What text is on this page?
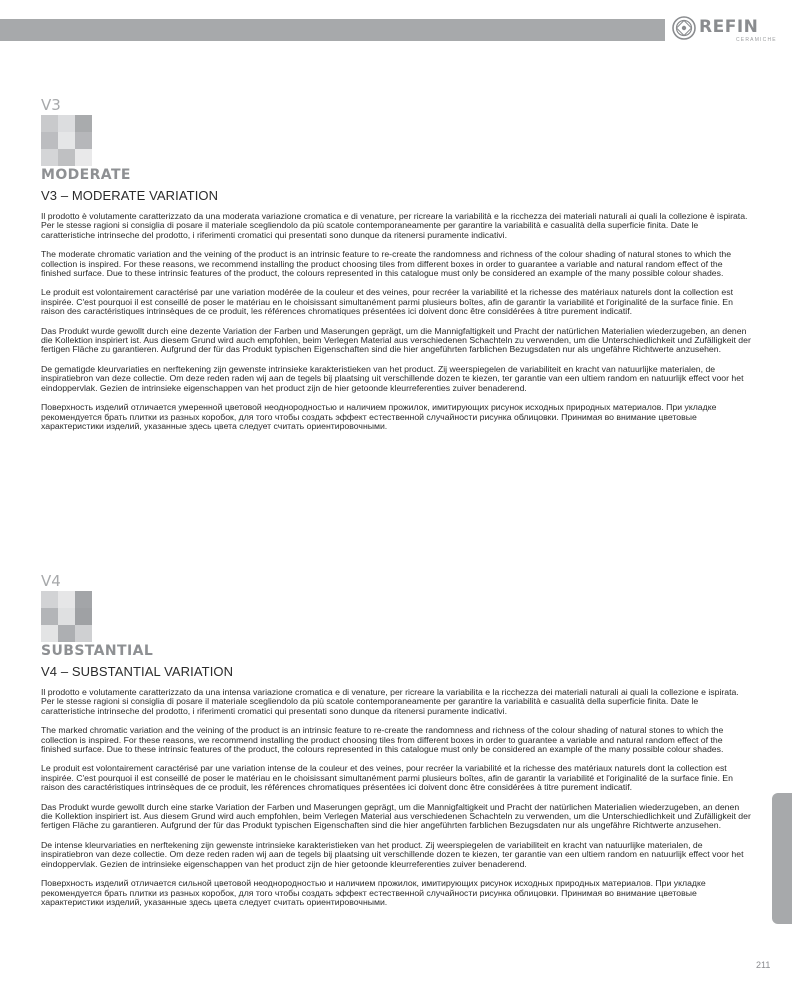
REFIN
CERAMICHE
V3
MODERATE
V3 – MODERATE VARIATION

Il prodotto è volutamente caratterizzato da una moderata variazione cromatica e di venature, per ricreare la variabilità e la ricchezza dei materiali naturali ai quali la collezione è ispirata. Per le stesse ragioni si consiglia di posare il materiale scegliendolo da più scatole contemporaneamente per garantire la variabilità e casualità della superficie finita. Date le caratteristiche intrinseche del prodotto, i riferimenti cromatici qui presentati sono dunque da ritenersi puramente indicativi.

The moderate chromatic variation and the veining of the product is an intrinsic feature to re-create the randomness and richness of the colour shading of natural stones to which the collection is inspired. For these reasons, we recommend installing the product choosing tiles from different boxes in order to guarantee a variable and natural random effect of the finished surface. Due to these intrinsic features of the product, the colours represented in this catalogue must only be considered an example of the many possible colour shades.

Le produit est volontairement caractérisé par une variation modérée de la couleur et des veines, pour recréer la variabilité et la richesse des matériaux naturels dont la collection est inspirée. C'est pourquoi il est conseillé de poser le matériau en le choisissant simultanément parmi plusieurs boîtes, afin de garantir la variabilité et l'originalité de la surface finie. En raison des caractéristiques intrinsèques de ce produit, les références chromatiques présentées ici doivent donc être considérées à titre purement indicatif.

Das Produkt wurde gewollt durch eine dezente Variation der Farben und Maserungen geprägt, um die Mannigfaltigkeit und Pracht der natürlichen Materialien wiederzugeben, an denen die Kollektion inspiriert ist. Aus diesem Grund wird auch empfohlen, beim Verlegen Material aus verschiedenen Schachteln zu verwenden, um die Unterschiedlichkeit und Zufälligkeit der fertigen Fläche zu garantieren. Aufgrund der für das Produkt typischen Eigenschaften sind die hier angeführten farblichen Bezugsdaten nur als ungefähre Richtwerte anzusehen.

De gematigde kleurvariaties en nerftekening zijn gewenste intrinsieke karakteristieken van het product. Zij weerspiegelen de variabiliteit en kracht van natuurlijke materialen, de inspiratiebron van deze collectie. Om deze reden raden wij aan de tegels bij plaatsing uit verschillende dozen te kiezen, ter garantie van een ultiem random en natuurlijk effect voor het eindoppervlak. Gezien de intrinsieke eigenschappen van het product zijn de hier getoonde kleurreferenties zuiver benaderend.

Поверхность изделий отличается умеренной цветовой неоднородностью и наличием прожилок, имитирующих рисунок исходных природных материалов. При укладке рекомендуется брать плитки из разных коробок, для того чтобы создать эффект естественной случайности рисунка облицовки. Принимая во внимание цветовые характеристики изделий, указанные здесь цвета следует считать ориентировочными.

V4
SUBSTANTIAL
V4 – SUBSTANTIAL VARIATION

Il prodotto e volutamente caratterizzato da una intensa variazione cromatica e di venature, per ricreare la variabilita e la ricchezza dei materiali naturali ai quali la collezione e ispirata. Per le stesse ragioni si consiglia di posare il materiale scegliendolo da più scatole contemporaneamente per garantire la variabilità e casualità della superficie finita. Date le caratteristiche intrinseche del prodotto, i riferimenti cromatici qui presentati sono dunque da ritenersi puramente indicativi.

The marked chromatic variation and the veining of the product is an intrinsic feature to re-create the randomness and richness of the colour shading of natural stones to which the collection is inspired. For these reasons, we recommend installing the product choosing tiles from different boxes in order to guarantee a variable and natural random effect of the finished surface. Due to these intrinsic features of the product, the colours represented in this catalogue must only be considered an example of the many possible colour shades.

Le produit est volontairement caractérisé par une variation intense de la couleur et des veines, pour recréer la variabilité et la richesse des matériaux naturels dont la collection est inspirée. C'est pourquoi il est conseillé de poser le matériau en le choisissant simultanément parmi plusieurs boîtes, afin de garantir la variabilité et l'originalité de la surface finie. En raison des caractéristiques intrinsèques de ce produit, les références chromatiques présentées ici doivent donc être considérées à titre purement indicatif.

Das Produkt wurde gewollt durch eine starke Variation der Farben und Maserungen geprägt, um die Mannigfaltigkeit und Pracht der natürlichen Materialien wiederzugeben, an denen die Kollektion inspiriert ist. Aus diesem Grund wird auch empfohlen, beim Verlegen Material aus verschiedenen Schachteln zu verwenden, um die Unterschiedlichkeit und Zufälligkeit der fertigen Fläche zu garantieren. Aufgrund der für das Produkt typischen Eigenschaften sind die hier angeführten farblichen Bezugsdaten nur als ungefähre Richtwerte anzusehen.

De intense kleurvariaties en nerftekening zijn gewenste intrinsieke karakteristieken van het product. Zij weerspiegelen de variabiliteit en kracht van natuurlijke materialen, de inspiratiebron van deze collectie. Om deze reden raden wij aan de tegels bij plaatsing uit verschillende dozen te kiezen, ter garantie van een ultiem random en natuurlijk effect voor het eindoppervlak. Gezien de intrinsieke eigenschappen van het product zijn de hier getoonde kleurreferenties zuiver benaderend.

Поверхность изделий отличается сильной цветовой неоднородностью и наличием прожилок, имитирующих рисунок исходных природных материалов. При укладке рекомендуется брать плитки из разных коробок, для того чтобы создать эффект естественной случайности рисунка облицовки. Принимая во внимание цветовые характеристики изделий, указанные здесь цвета следует считать ориентировочными.

211
